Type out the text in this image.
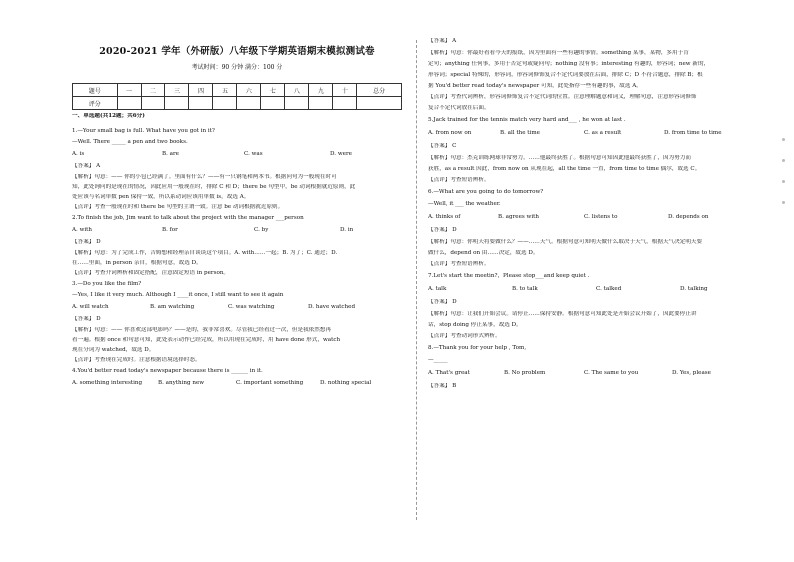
2020-2021 学年（外研版）八年级下学期英语期末模拟测试卷
考试时间：90 分钟 满分：100 分
题号	一	二	三	四	五	六	七	八	九	十	总分
评分											
一、单选题(共12题；共6分)
1.—Your small bag is full. What have you got in it?
—Well. There _____ a pen and two books.
A. is	B. are	C. was	D. were
【答案】 A
【解析】句意：—— 你的小包已经满了。里面有什么？——有一只钢笔和两本书。根据问句为一般现在时可
知，此处询问的是现在的情况，因此应用一般现在时，排除 C 和 D；there be 句型中，be 动词根据就近原则，此
处应该与名词单数 pen 保持一致，所以系动词应该用单数 is，故选 A。
【点评】考查一般现在时和 there be 句型的主谓一致。注意 be 动词根据就近原则。
2.To finish the job, Jim want to talk about the project with the manager ___person
A. with	B. for	C. by	D. in
【答案】 D
【解析】句意：为了完成工作，吉姆想和经理亲自谈谈这个项目。A. with……一起；B. 为了；C. 通过；D.
在……里面，in person 亲自，根据句意，故选 D。
【点评】考查介词辨析和固定搭配，注意固定短语 in person。
3.—Do you like the film?
—Yes, I like it very much. Although I ____it once, I still want to see it again
A. will watch	B. am watching	C. was watching	D. have watched
【答案】 D
【解析】句意：—— 你喜欢这部电影吗？——是的，我非常喜欢。尽管我已经看过一次，但是我依然想再
看一遍。根据 once 和句意可知，此处表示动作已经完成，所以用现在完成时，用 have done 形式，watch
现在分词为 watched，故选 D。
【点评】考查现在完成时。注意根据语境选择时态。
4.You'd better read today's newspaper because there is ______ in it.
A. something interesting	B. anything new	C. important something	D. nothing special
【答案】 A
【解析】句意：你最好看看今天的报纸，因为里面有一些有趣的事情。something 某事，某物，多用于肯
定句；anything 任何事，多用于否定句或疑问句；nothing 没有事；interesting 有趣的，形容词；new 新的，
形容词；special 特殊的，形容词，形容词修饰复合不定代词要放在后面，排除 C；D 不符合题意，排除 B；根
据 You'd better read today's newspaper 可知，此处指存一些有趣的事，故选 A。
【点评】考查代词辨析，形容词修饰复合不定代词的位置。注意理解题意和词义，理解句意，注意形容词修饰
复合不定代词放在后面。
5.Jack trained for the tennis match very hard and___ , he won at last .
A. from now on	B. all the time	C. as a result	D. from time to time
【答案】 C
【解析】句意：杰克训练网球非常努力，……他最终获胜了。根据句意可知因此他最终获胜了，因为努力而
获胜，as a result 因此，from now on 从现在起，all the time 一直，from time to time 偶尔，故选 C。
【点评】考查短语辨析。
6.—What are you going to do tomorrow?
—Well, it ___ the weather.
A. thinks of	B. agrees with	C. listens to	D. depends on
【答案】 D
【解析】句意：你明天将要做什么？——……天气。根据句意可知明天做什么取决于天气，根据天气决定明天要
做什么，depend on 由……决定，故选 D。
【点评】考查短语辨析。
7.Let's start the meetin?，Please stop___and keep quiet .
A. talk	B. to talk	C. talked	D. talking
【答案】 D
【解析】句意：让我们开始会议。请停止……保持安静。根据句意可知此处是开始会议开始了，因此要停止讲
话，stop doing 停止某事，故选 D。
【点评】考查动词形式辨析。
8.—Thank you for your help , Tom,
—_____
A. That's great	B. No problem	C. The same to you	D. Yes, please
【答案】 B
